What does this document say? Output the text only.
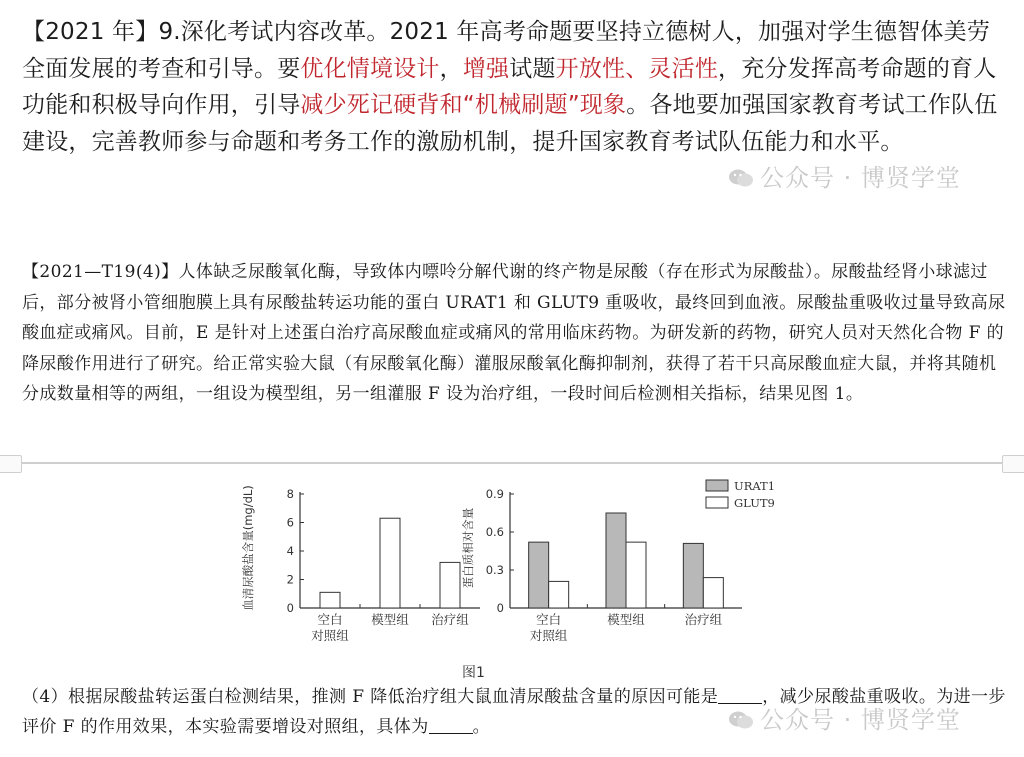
【2021 年】9.深化考试内容改革。2021 年高考命题要坚持立德树人，加强对学生德智体美劳全面发展的考查和引导。要优化情境设计，增强试题开放性、灵活性，充分发挥高考命题的育人功能和积极导向作用，引导减少死记硬背和“机械刷题”现象。各地要加强国家教育考试工作队伍建设，完善教师参与命题和考务工作的激励机制，提升国家教育考试队伍能力和水平。
公众号 · 博贤学堂
【2021—T19(4)】人体缺乏尿酸氧化酶，导致体内嘌呤分解代谢的终产物是尿酸（存在形式为尿酸盐）。尿酸盐经肾小球滤过后，部分被肾小管细胞膜上具有尿酸盐转运功能的蛋白 URAT1 和 GLUT9 重吸收，最终回到血液。尿酸盐重吸收过量导致高尿酸血症或痛风。目前，E 是针对上述蛋白治疗高尿酸血症或痛风的常用临床药物。为研发新的药物，研究人员对天然化合物 F 的降尿酸作用进行了研究。给正常实验大鼠（有尿酸氧化酶）灌服尿酸氧化酶抑制剂，获得了若干只高尿酸血症大鼠，并将其随机分成数量相等的两组，一组设为模型组，另一组灌服 F 设为治疗组，一段时间后检测相关指标，结果见图 1。
血清尿酸盐含量(mg/dL)	0
2
4
6
8
空白
对照组
模型组 治疗组
蛋白质相对含量
0
0.3
0.6
0.9
空白
对照组
模型组	治疗组
URAT1
GLUT9
图1
公众号 · 博贤学堂
（4）根据尿酸盐转运蛋白检测结果，推测 F 降低治疗组大鼠血清尿酸盐含量的原因可能是	，减少尿酸盐重吸收。为进一步评价 F 的作用效果，本实验需要增设对照组，具体为	。
